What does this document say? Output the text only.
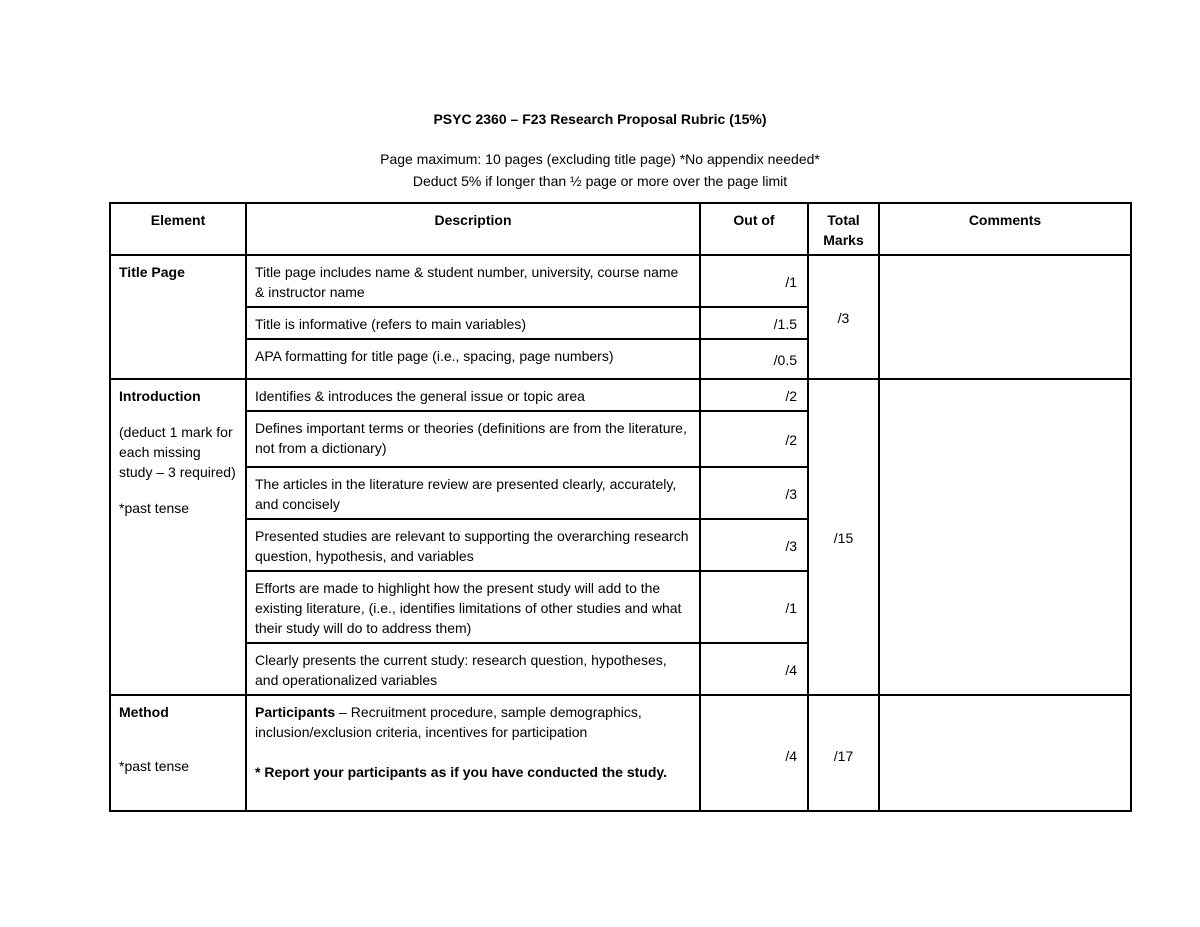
PSYC 2360 – F23 Research Proposal Rubric (15%)
Page maximum: 10 pages (excluding title page) *No appendix needed*
Deduct 5% if longer than ½ page or more over the page limit
Element	Description	Out of	Total Marks	Comments

Title Page	Title page includes name & student number, university, course name & instructor name	/1	/3	
	Title is informative (refers to main variables)	/1.5		
	APA formatting for title page (i.e., spacing, page numbers)	/0.5		

Introduction
(deduct 1 mark for each missing study – 3 required)
*past tense	Identifies & introduces the general issue or topic area	/2	/15	
	Defines important terms or theories (definitions are from the literature, not from a dictionary)	/2		
	The articles in the literature review are presented clearly, accurately, and concisely	/3		
	Presented studies are relevant to supporting the overarching research question, hypothesis, and variables	/3		
	Efforts are made to highlight how the present study will add to the existing literature, (i.e., identifies limitations of other studies and what their study will do to address them)	/1		
	Clearly presents the current study: research question, hypotheses, and operationalized variables	/4		

Method
*past tense	Participants – Recruitment procedure, sample demographics, inclusion/exclusion criteria, incentives for participation
* Report your participants as if you have conducted the study.	/4	/17	
